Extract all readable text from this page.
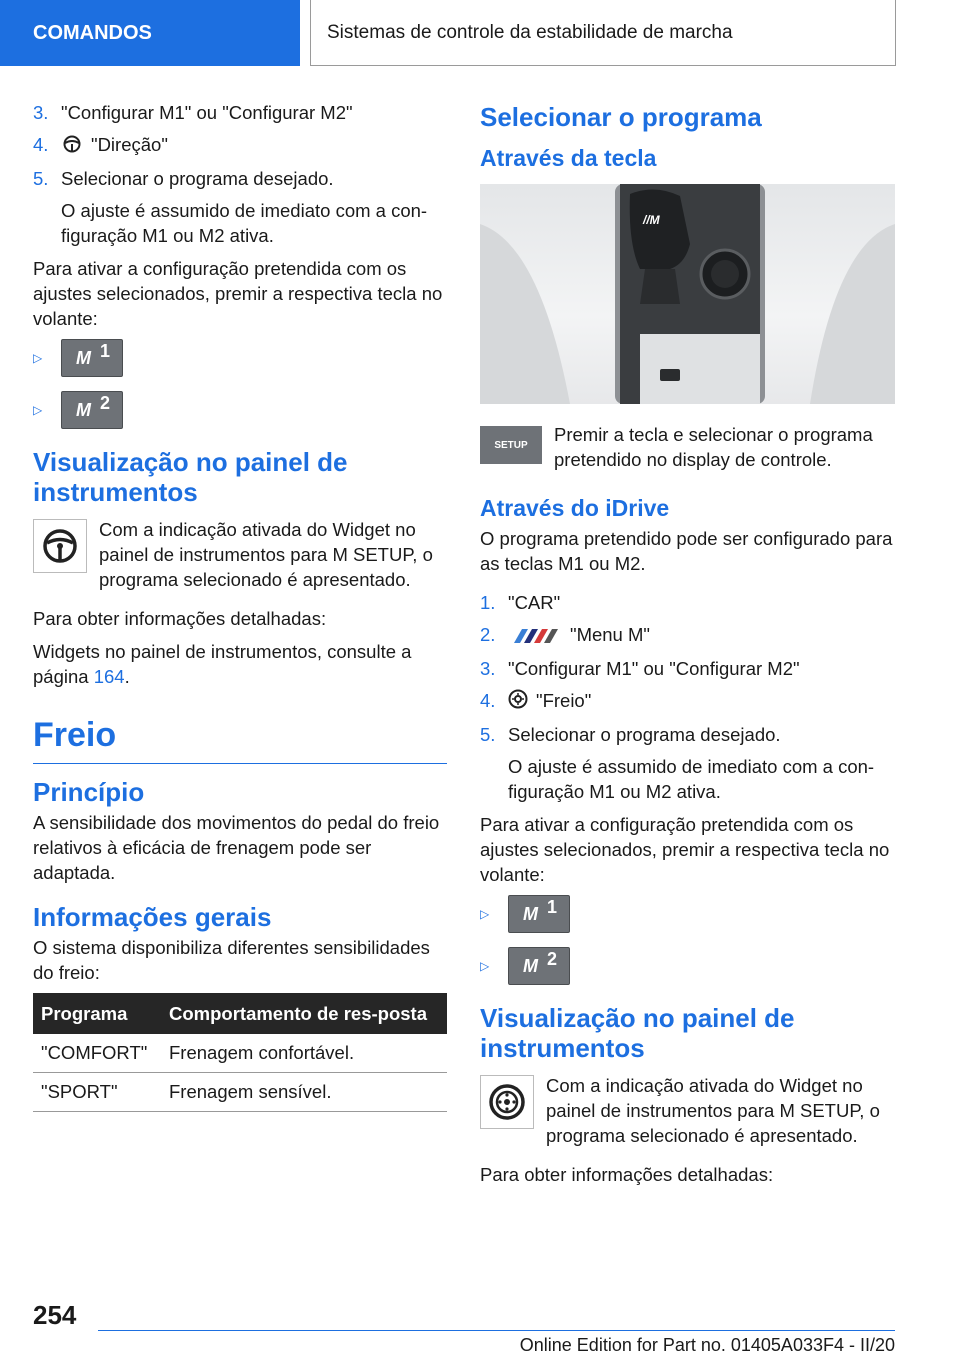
COMANDOS	Sistemas de controle da estabilidade de marcha
3. "Configurar M1" ou "Configurar M2"
4. "Direção"
5. Selecionar o programa desejado.
O ajuste é assumido de imediato com a con-figuração M1 ou M2 ativa.

Para ativar a configuração pretendida com os ajustes selecionados, premir a respectiva tecla no volante:

▷	M 1
▷	M 2
Visualização no painel de instrumentos
Com a indicação ativada do Widget no painel de instrumentos para M SETUP, o programa selecionado é apresentado.

Para obter informações detalhadas:

Widgets no painel de instrumentos, consulte a página 164.

Freio
Princípio

A sensibilidade dos movimentos do pedal do freio relativos à eficácia de frenagem pode ser adaptada.

Informações gerais

O sistema disponibiliza diferentes sensibilidades do freio:

Programa	Comportamento de res-posta
"COMFORT"	Frenagem confortável.
"SPORT"	Frenagem sensível.
Selecionar o programa
Através da tecla
//M
SETUP	Premir a tecla e selecionar o programa pretendido no display de controle.
Através do iDrive

O programa pretendido pode ser configurado para as teclas M1 ou M2.

1. "CAR"
2.	"Menu M"
3. "Configurar M1" ou "Configurar M2"
4. "Freio"
5. Selecionar o programa desejado.
O ajuste é assumido de imediato com a con-figuração M1 ou M2 ativa.

Para ativar a configuração pretendida com os ajustes selecionados, premir a respectiva tecla no volante:

▷	M 1
▷	M 2
Visualização no painel de instrumentos
Com a indicação ativada do Widget no painel de instrumentos para M SETUP, o programa selecionado é apresentado.

Para obter informações detalhadas:

254
Online Edition for Part no. 01405A033F4 - II/20
